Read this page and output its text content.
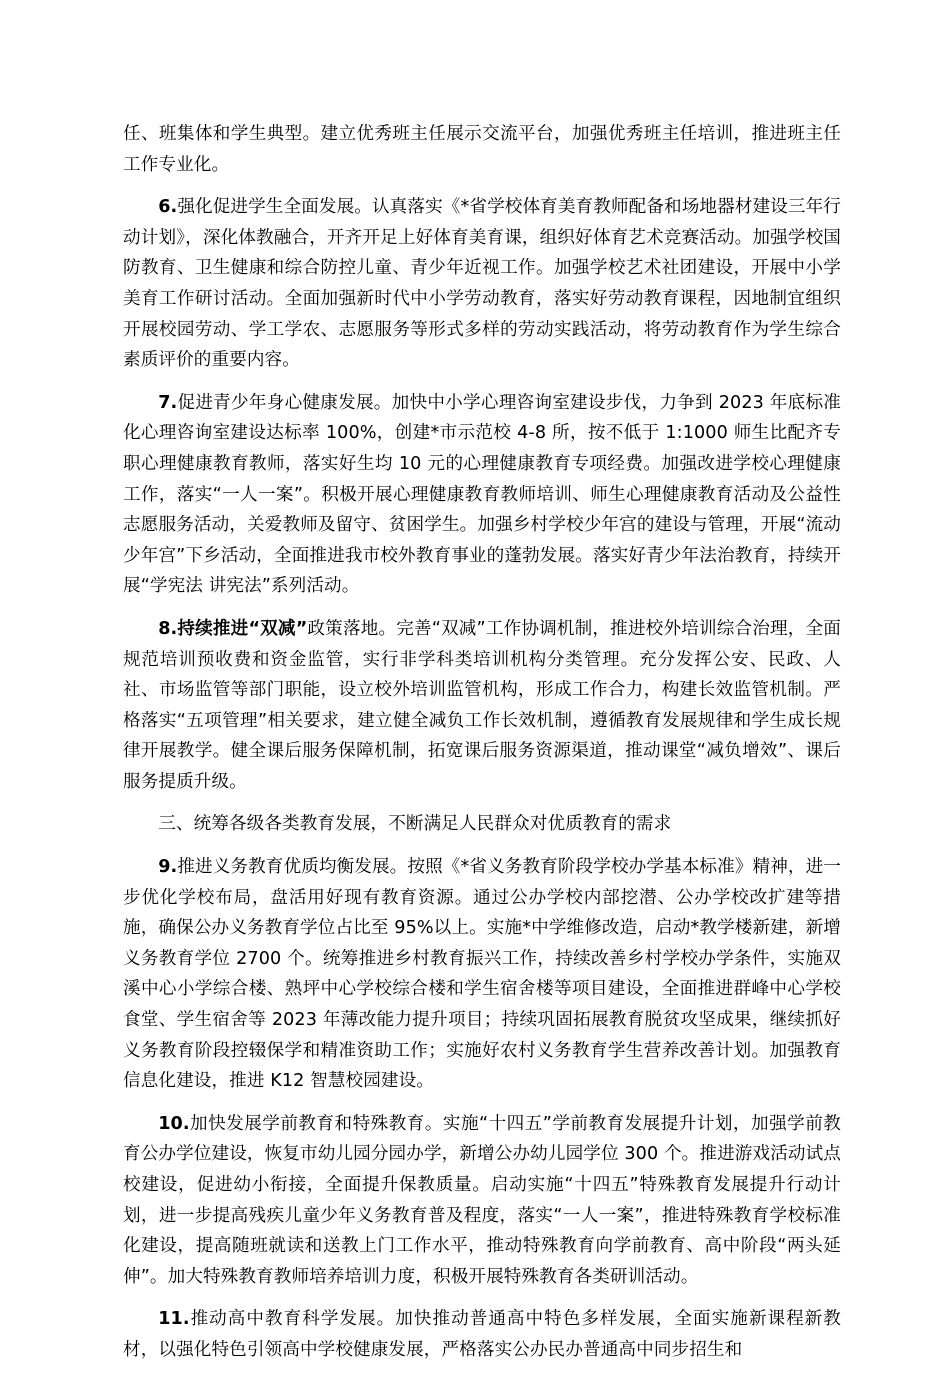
任、班集体和学生典型。建立优秀班主任展示交流平台，加强优秀班主任培训，推进班主任工作专业化。

6.强化促进学生全面发展。认真落实《*省学校体育美育教师配备和场地器材建设三年行动计划》，深化体教融合，开齐开足上好体育美育课，组织好体育艺术竞赛活动。加强学校国防教育、卫生健康和综合防控儿童、青少年近视工作。加强学校艺术社团建设，开展中小学美育工作研讨活动。全面加强新时代中小学劳动教育，落实好劳动教育课程，因地制宜组织开展校园劳动、学工学农、志愿服务等形式多样的劳动实践活动，将劳动教育作为学生综合素质评价的重要内容。

7.促进青少年身心健康发展。加快中小学心理咨询室建设步伐，力争到 2023 年底标准化心理咨询室建设达标率 100%，创建*市示范校 4-8 所，按不低于 1:1000 师生比配齐专职心理健康教育教师，落实好生均 10 元的心理健康教育专项经费。加强改进学校心理健康工作，落实“一人一案”。积极开展心理健康教育教师培训、师生心理健康教育活动及公益性志愿服务活动，关爱教师及留守、贫困学生。加强乡村学校少年宫的建设与管理，开展“流动少年宫”下乡活动，全面推进我市校外教育事业的蓬勃发展。落实好青少年法治教育，持续开展“学宪法 讲宪法”系列活动。

8.持续推进“双减”政策落地。完善“双减”工作协调机制，推进校外培训综合治理，全面规范培训预收费和资金监管，实行非学科类培训机构分类管理。充分发挥公安、民政、人社、市场监管等部门职能，设立校外培训监管机构，形成工作合力，构建长效监管机制。严格落实“五项管理”相关要求，建立健全减负工作长效机制，遵循教育发展规律和学生成长规律开展教学。健全课后服务保障机制，拓宽课后服务资源渠道，推动课堂“减负增效”、课后服务提质升级。

三、统筹各级各类教育发展，不断满足人民群众对优质教育的需求

9.推进义务教育优质均衡发展。按照《*省义务教育阶段学校办学基本标准》精神，进一步优化学校布局，盘活用好现有教育资源。通过公办学校内部挖潜、公办学校改扩建等措施，确保公办义务教育学位占比至 95%以上。实施*中学维修改造，启动*教学楼新建，新增义务教育学位 2700 个。统筹推进乡村教育振兴工作，持续改善乡村学校办学条件，实施双溪中心小学综合楼、熟坪中心学校综合楼和学生宿舍楼等项目建设，全面推进群峰中心学校食堂、学生宿舍等 2023 年薄改能力提升项目；持续巩固拓展教育脱贫攻坚成果，继续抓好义务教育阶段控辍保学和精准资助工作；实施好农村义务教育学生营养改善计划。加强教育信息化建设，推进 K12 智慧校园建设。

10.加快发展学前教育和特殊教育。实施“十四五”学前教育发展提升计划，加强学前教育公办学位建设，恢复市幼儿园分园办学，新增公办幼儿园学位 300 个。推进游戏活动试点校建设，促进幼小衔接，全面提升保教质量。启动实施“十四五”特殊教育发展提升行动计划，进一步提高残疾儿童少年义务教育普及程度，落实“一人一案”，推进特殊教育学校标准化建设，提高随班就读和送教上门工作水平，推动特殊教育向学前教育、高中阶段“两头延伸”。加大特殊教育教师培养培训力度，积极开展特殊教育各类研训活动。

11.推动高中教育科学发展。加快推动普通高中特色多样发展，全面实施新课程新教材，以强化特色引领高中学校健康发展，严格落实公办民办普通高中同步招生和
